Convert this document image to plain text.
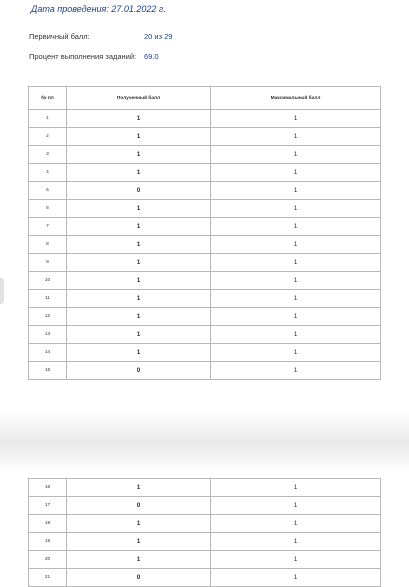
Дата проведения: 27.01.2022 г.
Первичный балл:	20 из 29
Процент выполнения заданий: 69.0
№ пп	Полученный балл	Максимальный балл
1	1	1
2	1	1
3	1	1
4	1	1
5	0	1
6	1	1
7	1	1
8	1	1
9	1	1
10	1	1
11	1	1
12	1	1
13	1	1
14	1	1
15	0	1
16	1	1
17	0	1
18	1	1
19	1	1
20	1	1
21	0	1
